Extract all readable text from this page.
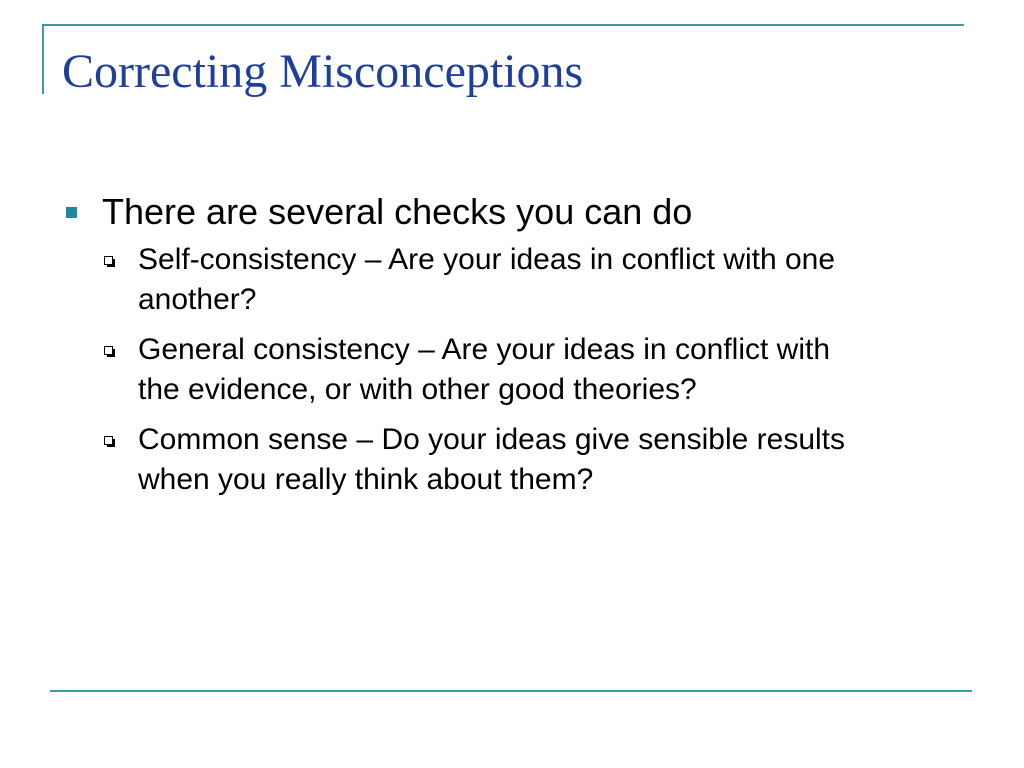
Correcting Misconceptions
There are several checks you can do
Self-consistency – Are your ideas in conflict with one another?
General consistency – Are your ideas in conflict with the evidence, or with other good theories?
Common sense – Do your ideas give sensible results when you really think about them?
